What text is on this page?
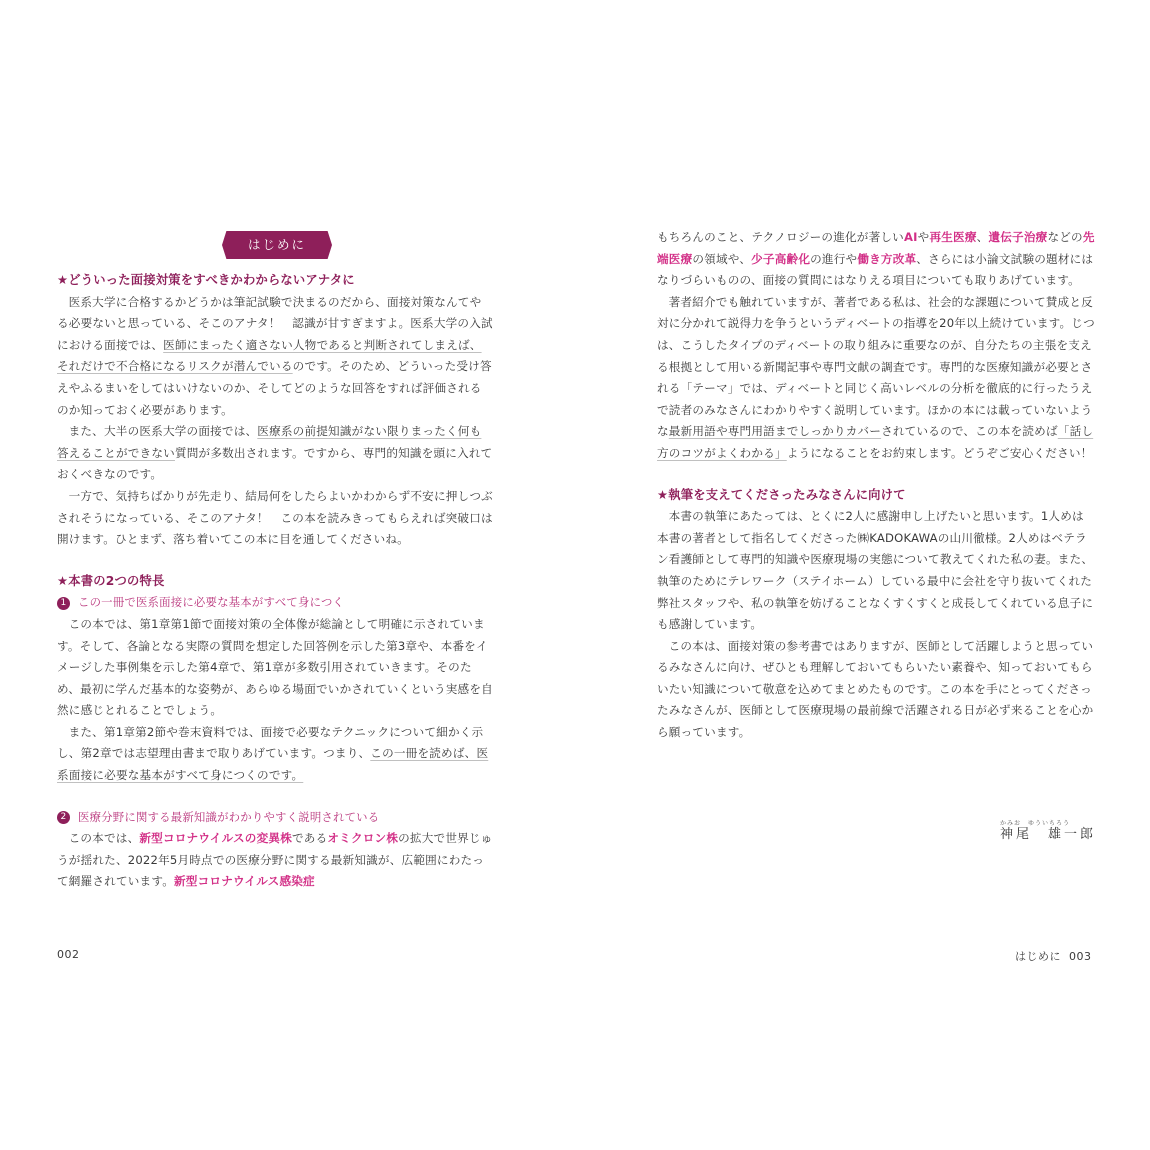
はじめに
★どういった面接対策をすべきかわからないアナタに

医系大学に合格するかどうかは筆記試験で決まるのだから、面接対策なんてやる必要ないと思っている、そこのアナタ！　認識が甘すぎますよ。医系大学の入試における面接では、医師にまったく適さない人物であると判断されてしまえば、それだけで不合格になるリスクが潜んでいるのです。そのため、どういった受け答えやふるまいをしてはいけないのか、そしてどのような回答をすれば評価されるのか知っておく必要があります。

また、大半の医系大学の面接では、医療系の前提知識がない限りまったく何も答えることができない質問が多数出されます。ですから、専門的知識を頭に入れておくべきなのです。

一方で、気持ちばかりが先走り、結局何をしたらよいかわからず不安に押しつぶされそうになっている、そこのアナタ！　この本を読みきってもらえれば突破口は開けます。ひとまず、落ち着いてこの本に目を通してくださいね。

★本書の2つの特長
1	この一冊で医系面接に必要な基本がすべて身につく

この本では、第1章第1節で面接対策の全体像が総論として明確に示されています。そして、各論となる実際の質問を想定した回答例を示した第3章や、本番をイメージした事例集を示した第4章で、第1章が多数引用されていきます。そのため、最初に学んだ基本的な姿勢が、あらゆる場面でいかされていくという実感を自然に感じとれることでしょう。

また、第1章第2節や巻末資料では、面接で必要なテクニックについて細かく示し、第2章では志望理由書まで取りあげています。つまり、この一冊を読めば、医系面接に必要な基本がすべて身につくのです。

2	医療分野に関する最新知識がわかりやすく説明されている

この本では、新型コロナウイルスの変異株であるオミクロン株の拡大で世界じゅうが揺れた、2022年5月時点での医療分野に関する最新知識が、広範囲にわたって網羅されています。新型コロナウイルス感染症

002

もちろんのこと、テクノロジーの進化が著しいAIや再生医療、遺伝子治療などの先端医療の領域や、少子高齢化の進行や働き方改革、さらには小論文試験の題材にはなりづらいものの、面接の質問にはなりえる項目についても取りあげています。

著者紹介でも触れていますが、著者である私は、社会的な課題について賛成と反対に分かれて説得力を争うというディベートの指導を20年以上続けています。じつは、こうしたタイプのディベートの取り組みに重要なのが、自分たちの主張を支える根拠として用いる新聞記事や専門文献の調査です。専門的な医療知識が必要とされる「テーマ」では、ディベートと同じく高いレベルの分析を徹底的に行ったうえで読者のみなさんにわかりやすく説明しています。ほかの本には載っていないような最新用語や専門用語までしっかりカバーされているので、この本を読めば「話し方のコツがよくわかる」ようになることをお約束します。どうぞご安心ください！

★執筆を支えてくださったみなさんに向けて

本書の執筆にあたっては、とくに2人に感謝申し上げたいと思います。1人めは本書の著者として指名してくださった㈱KADOKAWAの山川徹様。2人めはベテラン看護師として専門的知識や医療現場の実態について教えてくれた私の妻。また、執筆のためにテレワーク（ステイホーム）している最中に会社を守り抜いてくれた弊社スタッフや、私の執筆を妨げることなくすくすくと成長してくれている息子にも感謝しています。

この本は、面接対策の参考書ではありますが、医師として活躍しようと思っているみなさんに向け、ぜひとも理解しておいてもらいたい素養や、知っておいてもらいたい知識について敬意を込めてまとめたものです。この本を手にとってくださったみなさんが、医師として医療現場の最前線で活躍される日が必ず来ることを心から願っています。

かみお　ゆういちろう
神尾　雄一郎
はじめに 003
